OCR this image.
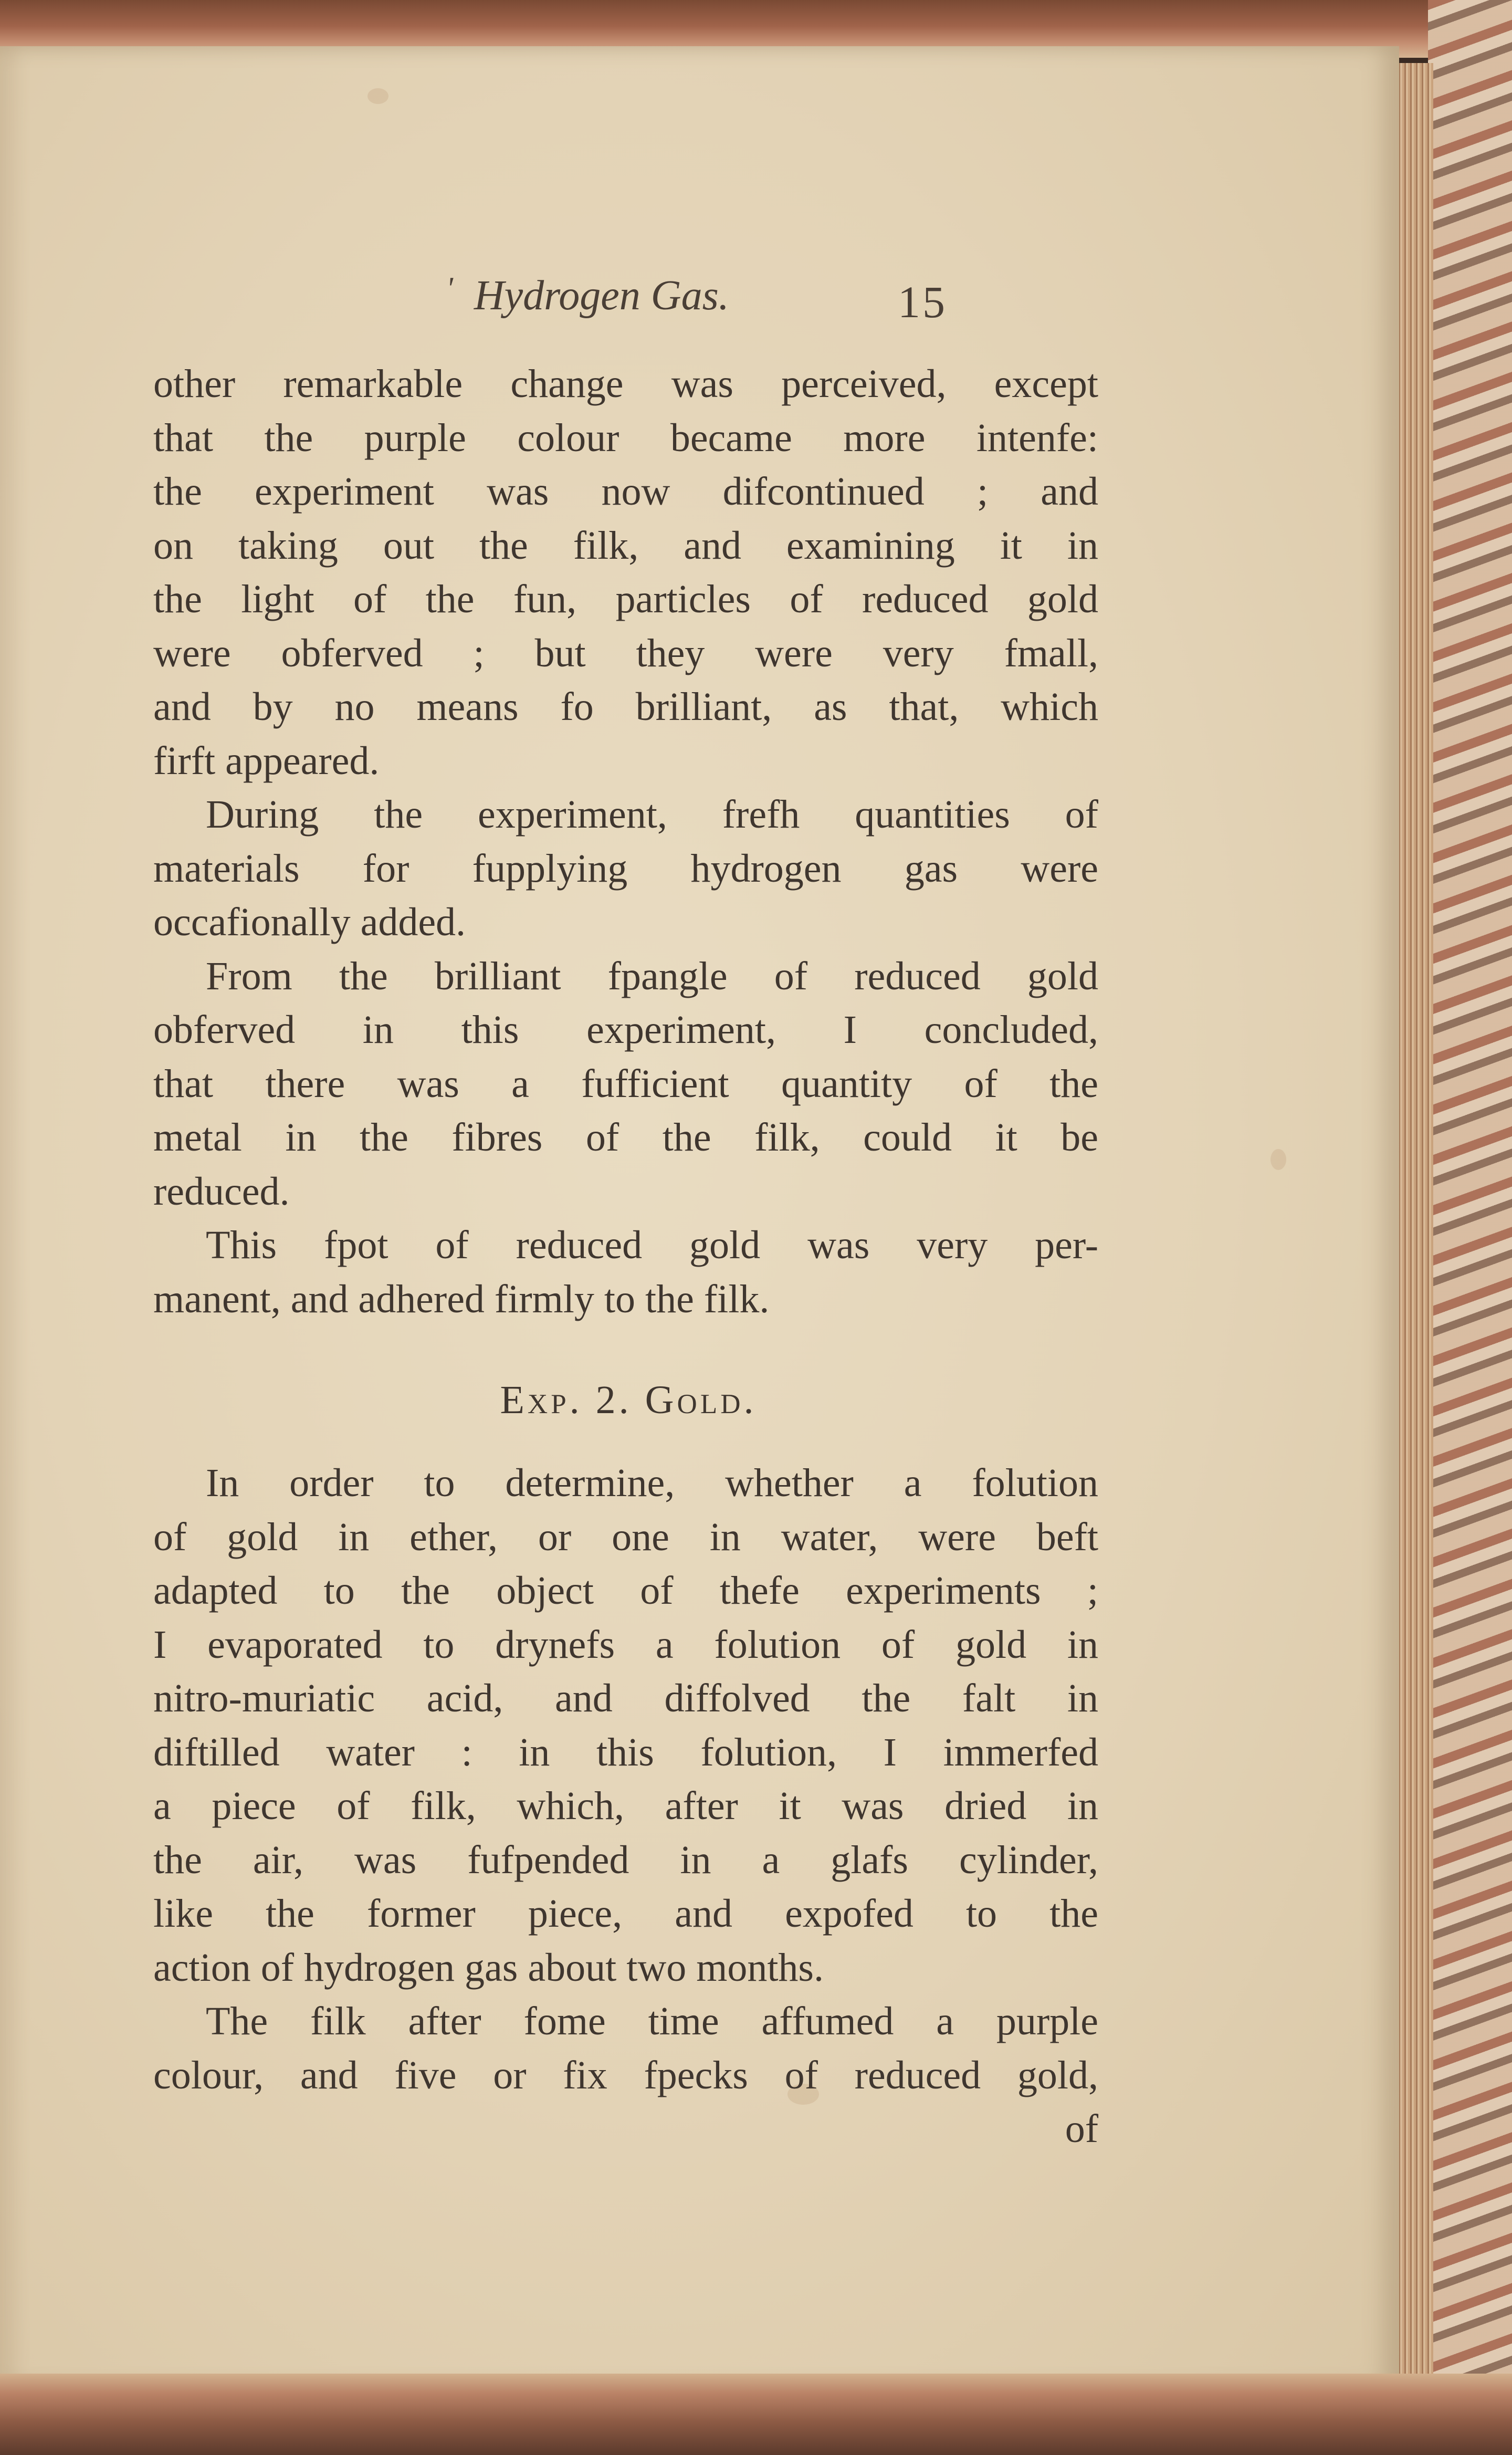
' Hydrogen Gas.	15
other remarkable change was perceived, except
that the purple colour became more intenfe:
the experiment was now difcontinued ; and
on taking out the filk, and examining it in
the light of the fun, particles of reduced gold
were obferved ; but they were very fmall,
and by no means fo brilliant, as that, which
firft appeared.
During the experiment, frefh quantities of
materials for fupplying hydrogen gas were
occafionally added.
From the brilliant fpangle of reduced gold
obferved in this experiment, I concluded,
that there was a fufficient quantity of the
metal in the fibres of the filk, could it be
reduced.
This fpot of reduced gold was very per-
manent, and adhered firmly to the filk.
Exp. 2. Gold.
In order to determine, whether a folution
of gold in ether, or one in water, were beft
adapted to the object of thefe experiments ;
I evaporated to drynefs a folution of gold in
nitro-muriatic acid, and diffolved the falt in
diftilled water : in this folution, I immerfed
a piece of filk, which, after it was dried in
the air, was fufpended in a glafs cylinder,
like the former piece, and expofed to the
action of hydrogen gas about two months.
The filk after fome time affumed a purple
colour, and five or fix fpecks of reduced gold,
of
